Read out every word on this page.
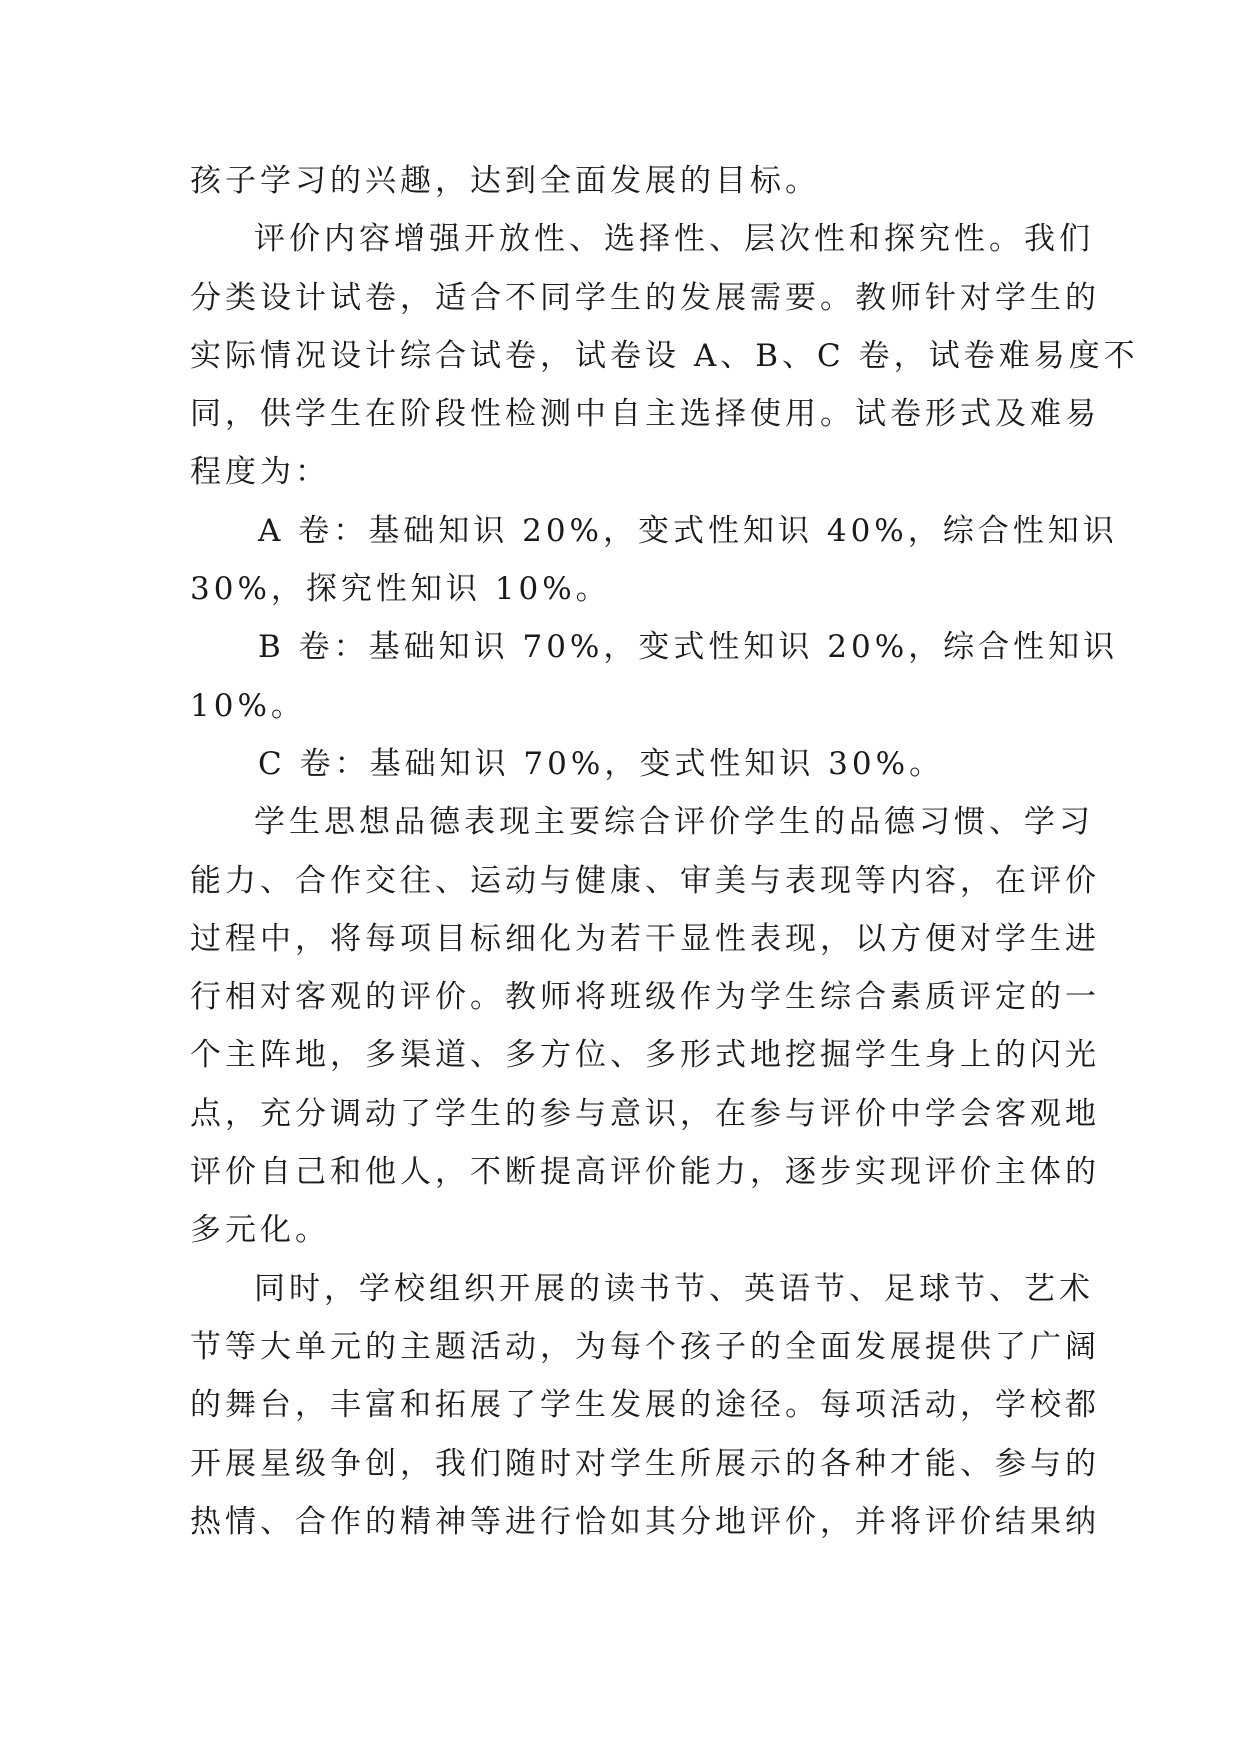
孩子学习的兴趣，达到全面发展的目标。
评价内容增强开放性、选择性、层次性和探究性。我们
分类设计试卷，适合不同学生的发展需要。教师针对学生的
实际情况设计综合试卷，试卷设 A、B、C 卷，试卷难易度不
同，供学生在阶段性检测中自主选择使用。试卷形式及难易
程度为：
A 卷：基础知识 20%，变式性知识 40%，综合性知识
30%，探究性知识 10%。
B 卷：基础知识 70%，变式性知识 20%，综合性知识
10%。
C 卷：基础知识 70%，变式性知识 30%。
学生思想品德表现主要综合评价学生的品德习惯、学习
能力、合作交往、运动与健康、审美与表现等内容，在评价
过程中，将每项目标细化为若干显性表现，以方便对学生进
行相对客观的评价。教师将班级作为学生综合素质评定的一
个主阵地，多渠道、多方位、多形式地挖掘学生身上的闪光
点，充分调动了学生的参与意识，在参与评价中学会客观地
评价自己和他人，不断提高评价能力，逐步实现评价主体的
多元化。
同时，学校组织开展的读书节、英语节、足球节、艺术
节等大单元的主题活动，为每个孩子的全面发展提供了广阔
的舞台，丰富和拓展了学生发展的途径。每项活动，学校都
开展星级争创，我们随时对学生所展示的各种才能、参与的
热情、合作的精神等进行恰如其分地评价，并将评价结果纳
